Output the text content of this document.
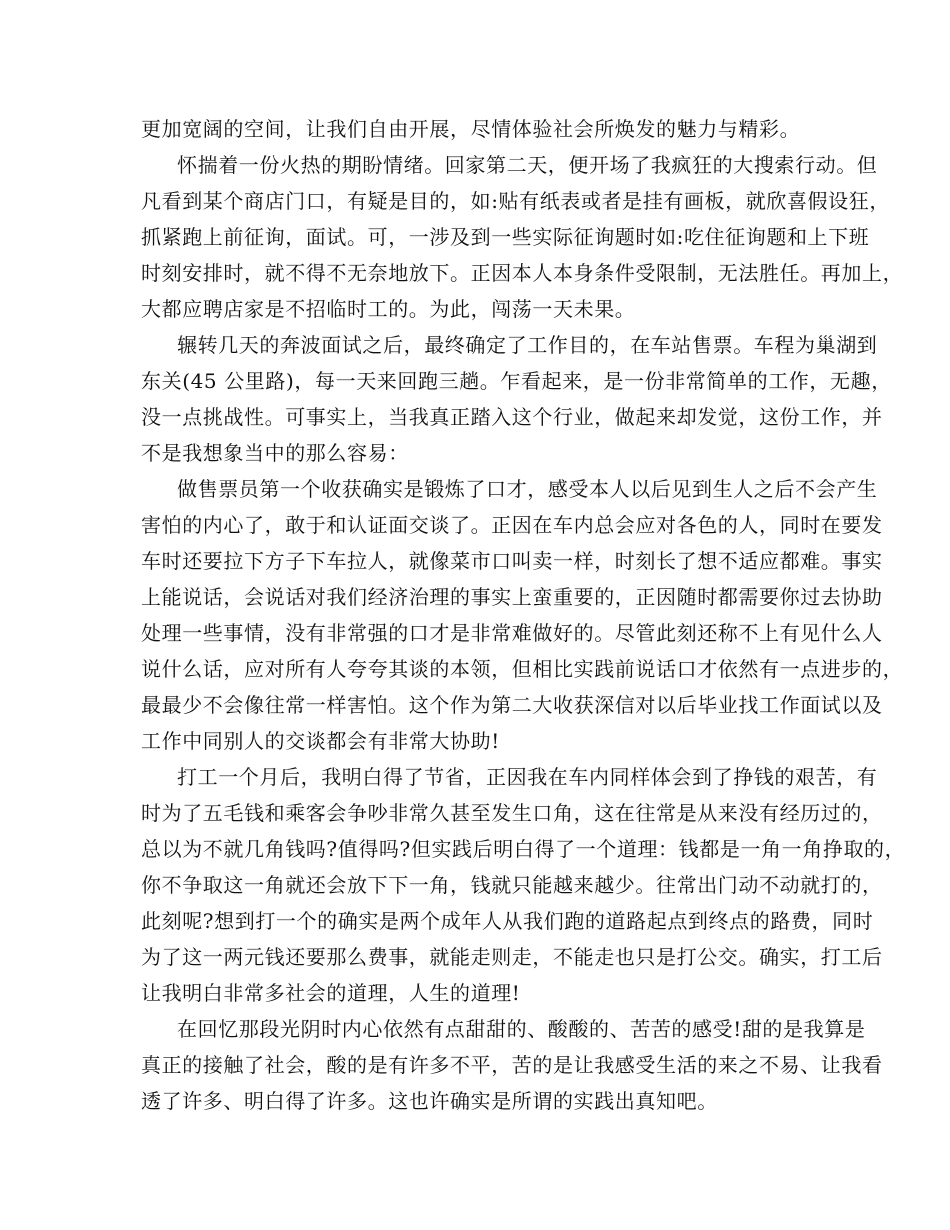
更加宽阔的空间，让我们自由开展，尽情体验社会所焕发的魅力与精彩。
怀揣着一份火热的期盼情绪。回家第二天，便开场了我疯狂的大搜索行动。但
凡看到某个商店门口，有疑是目的，如:贴有纸表或者是挂有画板，就欣喜假设狂，
抓紧跑上前征询，面试。可，一涉及到一些实际征询题时如:吃住征询题和上下班
时刻安排时，就不得不无奈地放下。正因本人本身条件受限制，无法胜任。再加上，
大都应聘店家是不招临时工的。为此，闯荡一天未果。
辗转几天的奔波面试之后，最终确定了工作目的，在车站售票。车程为巢湖到
东关(45 公里路)，每一天来回跑三趟。乍看起来，是一份非常简单的工作，无趣，
没一点挑战性。可事实上，当我真正踏入这个行业，做起来却发觉，这份工作，并
不是我想象当中的那么容易：
做售票员第一个收获确实是锻炼了口才，感受本人以后见到生人之后不会产生
害怕的内心了，敢于和认证面交谈了。正因在车内总会应对各色的人，同时在要发
车时还要拉下方子下车拉人，就像菜市口叫卖一样，时刻长了想不适应都难。事实
上能说话，会说话对我们经济治理的事实上蛮重要的，正因随时都需要你过去协助
处理一些事情，没有非常强的口才是非常难做好的。尽管此刻还称不上有见什么人
说什么话，应对所有人夸夸其谈的本领，但相比实践前说话口才依然有一点进步的，
最最少不会像往常一样害怕。这个作为第二大收获深信对以后毕业找工作面试以及
工作中同别人的交谈都会有非常大协助!
打工一个月后，我明白得了节省，正因我在车内同样体会到了挣钱的艰苦，有
时为了五毛钱和乘客会争吵非常久甚至发生口角，这在往常是从来没有经历过的，
总以为不就几角钱吗?值得吗?但实践后明白得了一个道理：钱都是一角一角挣取的，
你不争取这一角就还会放下下一角，钱就只能越来越少。往常出门动不动就打的，
此刻呢?想到打一个的确实是两个成年人从我们跑的道路起点到终点的路费，同时
为了这一两元钱还要那么费事，就能走则走，不能走也只是打公交。确实，打工后
让我明白非常多社会的道理，人生的道理!
在回忆那段光阴时内心依然有点甜甜的、酸酸的、苦苦的感受!甜的是我算是
真正的接触了社会，酸的是有许多不平，苦的是让我感受生活的来之不易、让我看
透了许多、明白得了许多。这也许确实是所谓的实践出真知吧。
